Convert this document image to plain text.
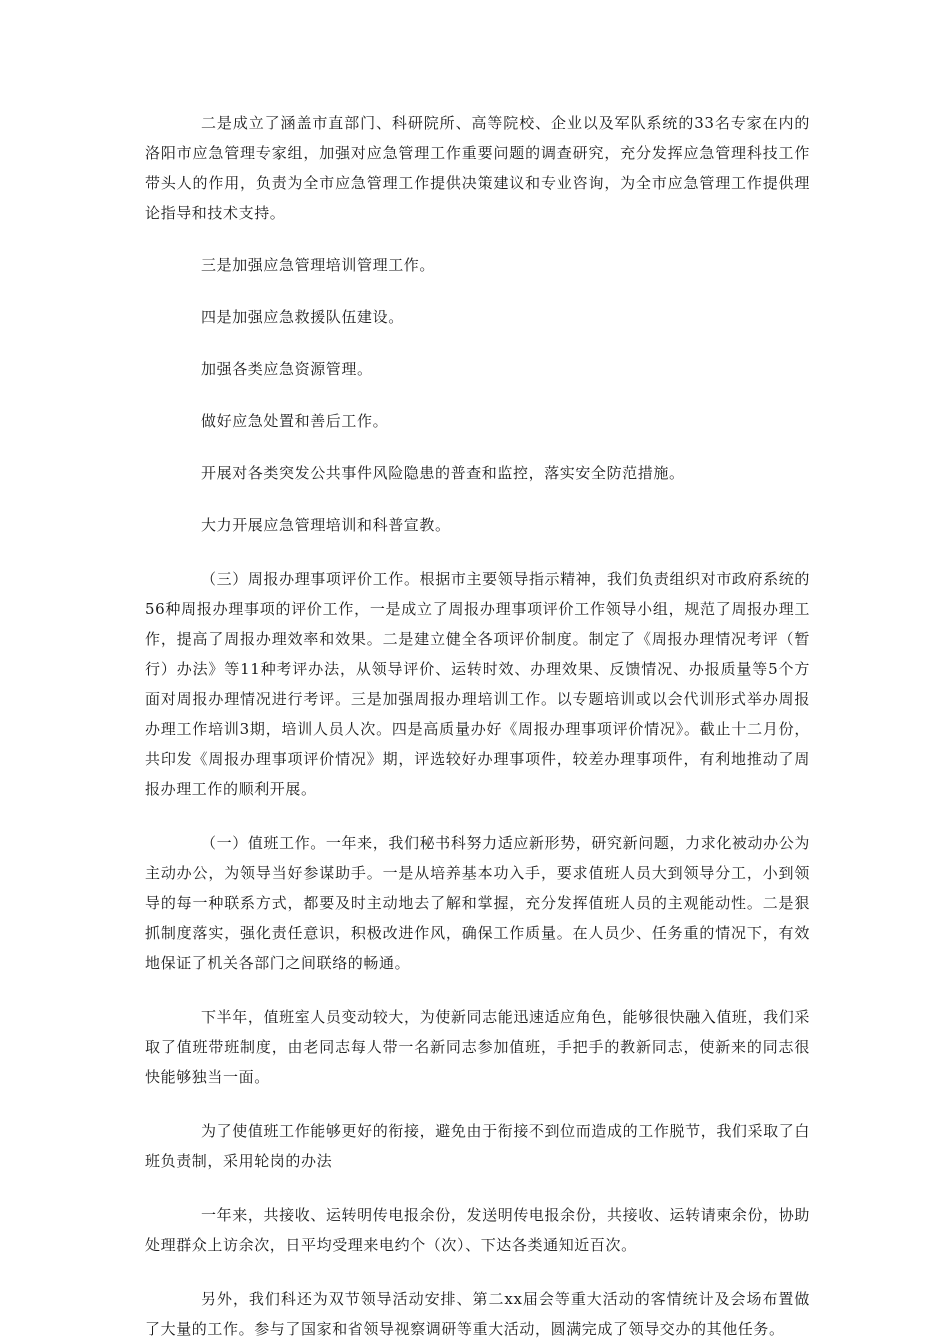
二是成立了涵盖市直部门、科研院所、高等院校、企业以及军队系统的33名专家在内的洛阳市应急管理专家组，加强对应急管理工作重要问题的调查研究，充分发挥应急管理科技工作带头人的作用，负责为全市应急管理工作提供决策建议和专业咨询，为全市应急管理工作提供理论指导和技术支持。

三是加强应急管理培训管理工作。

四是加强应急救援队伍建设。

加强各类应急资源管理。

做好应急处置和善后工作。

开展对各类突发公共事件风险隐患的普查和监控，落实安全防范措施。

大力开展应急管理培训和科普宣教。

（三）周报办理事项评价工作。根据市主要领导指示精神，我们负责组织对市政府系统的56种周报办理事项的评价工作，一是成立了周报办理事项评价工作领导小组，规范了周报办理工作，提高了周报办理效率和效果。二是建立健全各项评价制度。制定了《周报办理情况考评（暂行）办法》等11种考评办法，从领导评价、运转时效、办理效果、反馈情况、办报质量等5个方面对周报办理情况进行考评。三是加强周报办理培训工作。以专题培训或以会代训形式举办周报办理工作培训3期，培训人员人次。四是高质量办好《周报办理事项评价情况》。截止十二月份，共印发《周报办理事项评价情况》期，评选较好办理事项件，较差办理事项件，有利地推动了周报办理工作的顺利开展。

（一）值班工作。一年来，我们秘书科努力适应新形势，研究新问题，力求化被动办公为主动办公，为领导当好参谋助手。一是从培养基本功入手，要求值班人员大到领导分工，小到领导的每一种联系方式，都要及时主动地去了解和掌握，充分发挥值班人员的主观能动性。二是狠抓制度落实，强化责任意识，积极改进作风，确保工作质量。在人员少、任务重的情况下，有效地保证了机关各部门之间联络的畅通。

下半年，值班室人员变动较大，为使新同志能迅速适应角色，能够很快融入值班，我们采取了值班带班制度，由老同志每人带一名新同志参加值班，手把手的教新同志，使新来的同志很快能够独当一面。

为了使值班工作能够更好的衔接，避免由于衔接不到位而造成的工作脱节，我们采取了白班负责制，采用轮岗的办法

一年来，共接收、运转明传电报余份，发送明传电报余份，共接收、运转请柬余份，协助处理群众上访余次，日平均受理来电约个（次）、下达各类通知近百次。

另外，我们科还为双节领导活动安排、第二xx届会等重大活动的客情统计及会场布置做了大量的工作。参与了国家和省领导视察调研等重大活动，圆满完成了领导交办的其他任务。
